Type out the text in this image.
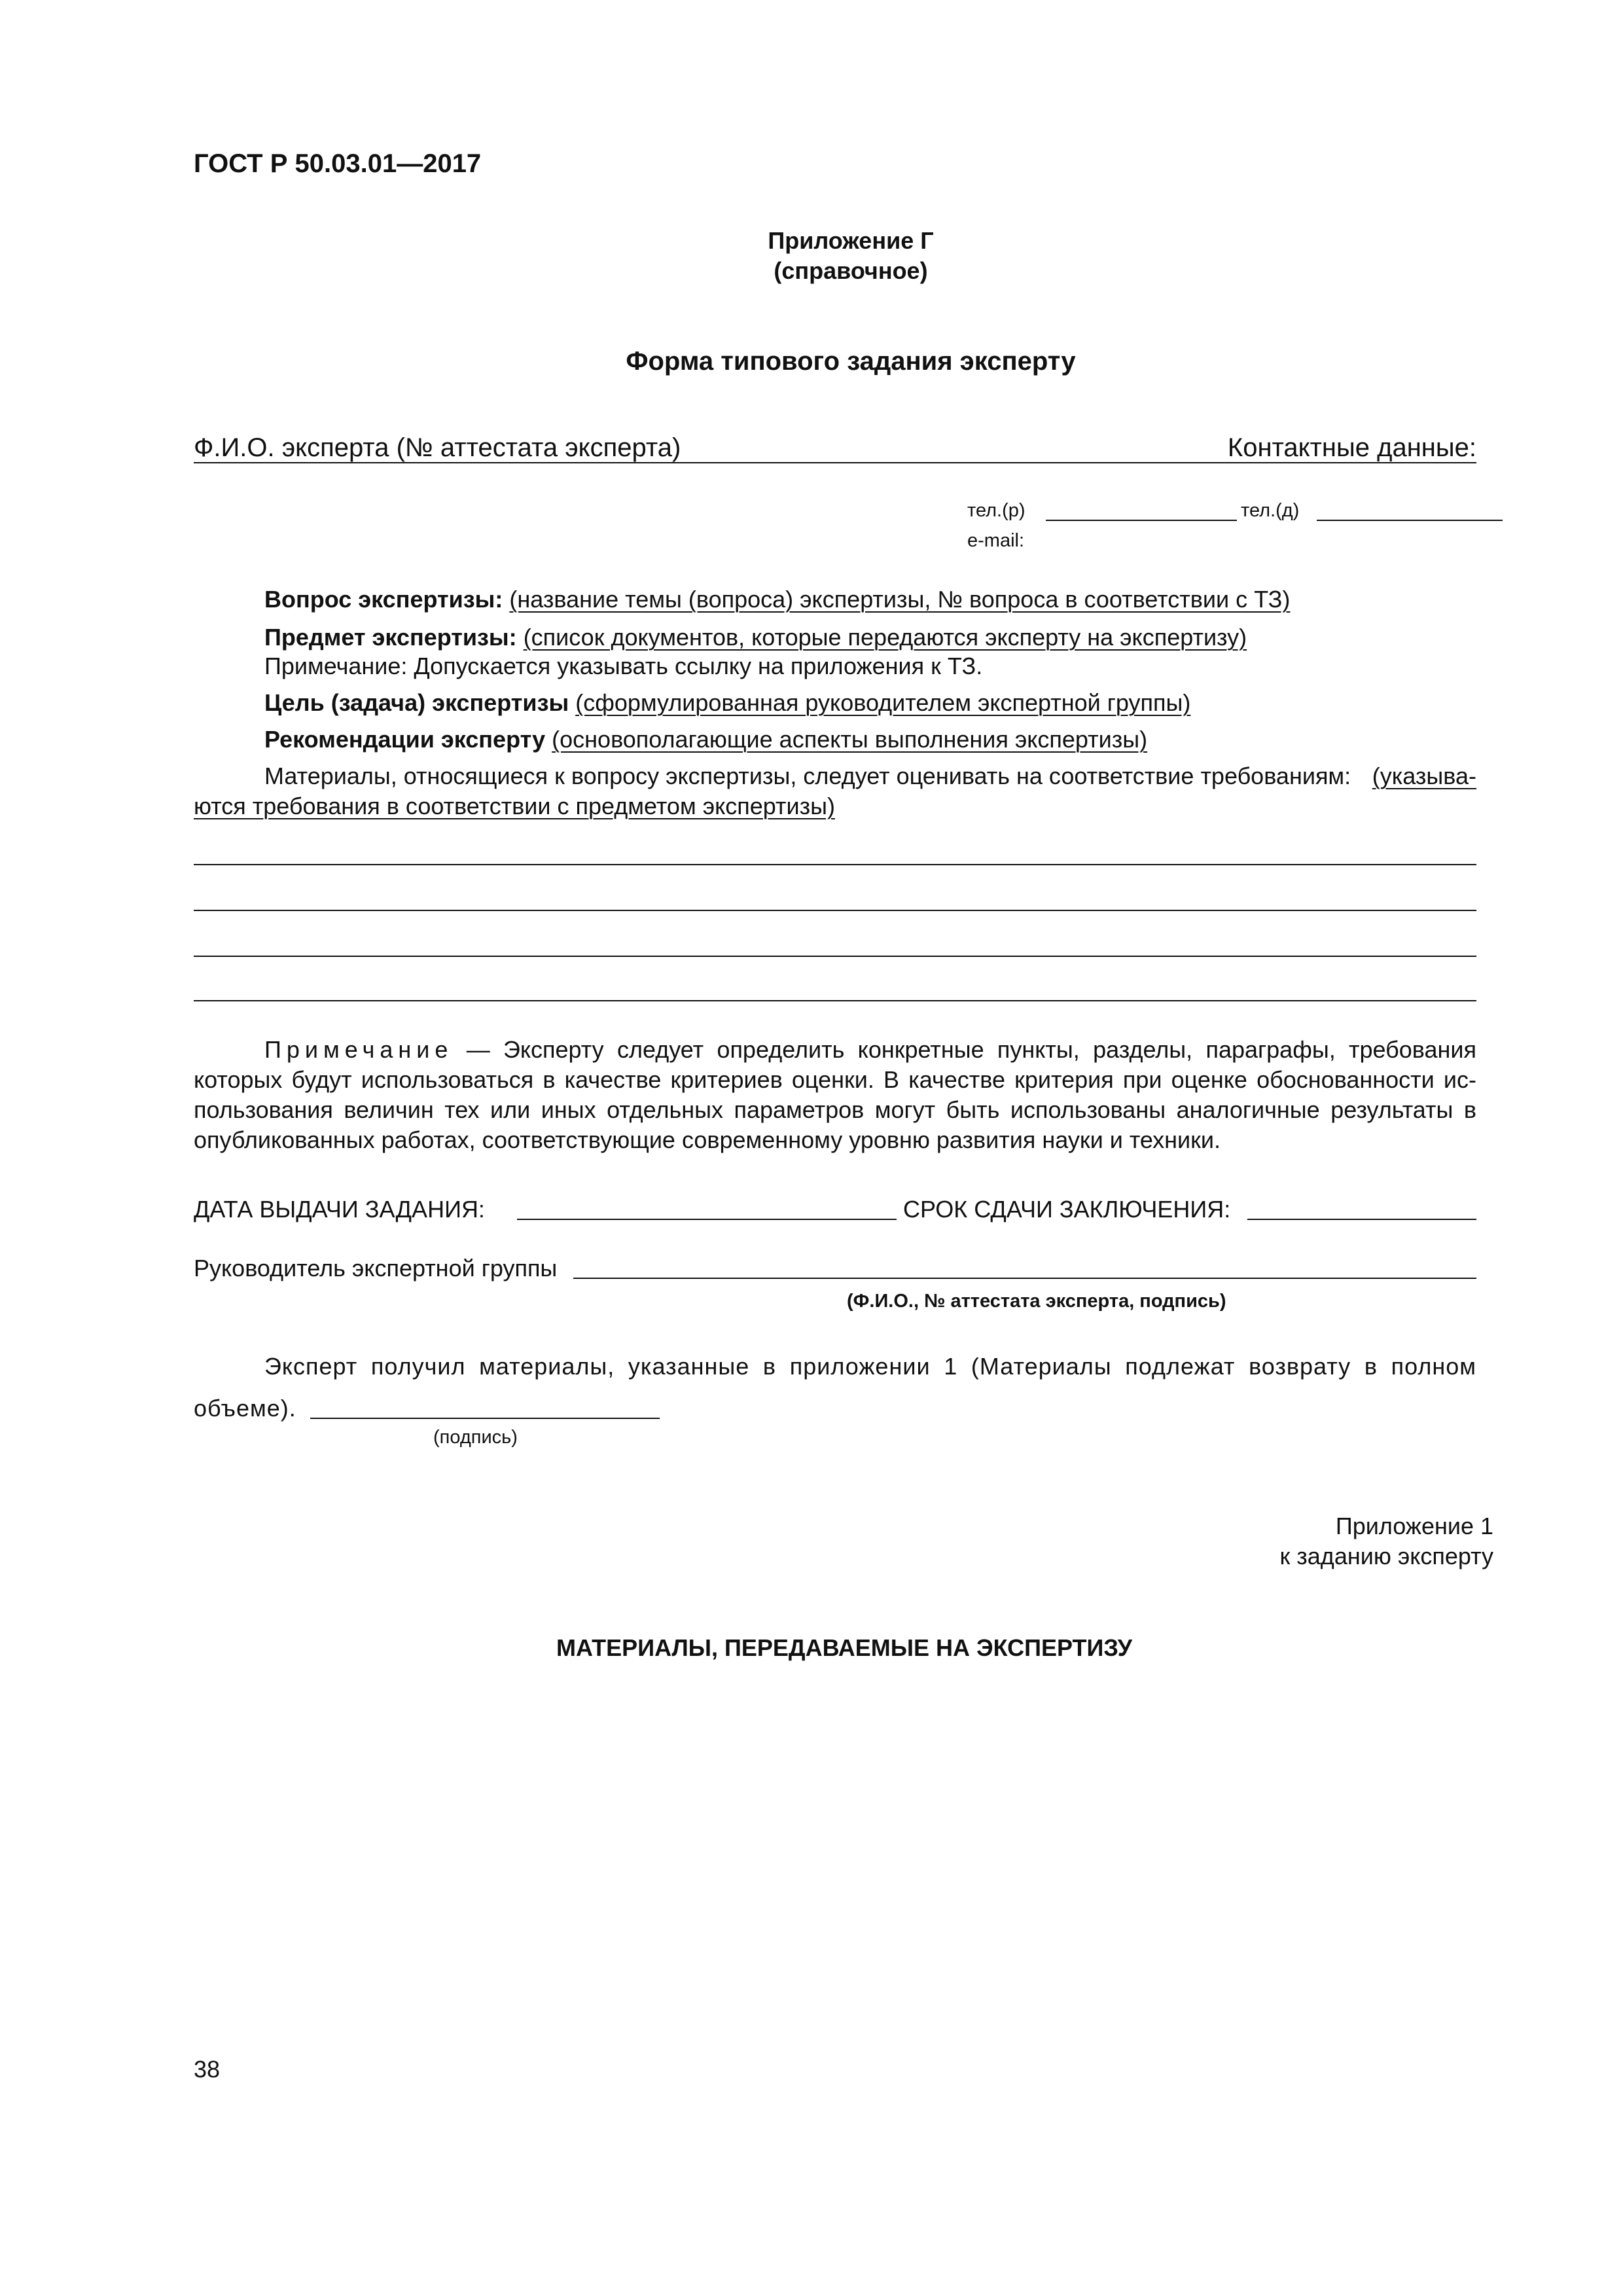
ГОСТ Р 50.03.01—2017
Приложение Г
(справочное)
Форма типового задания эксперту
Ф.И.О. эксперта (№ аттестата эксперта)	Контактные данные:
тел.(р)	тел.(д)
e-mail:
Вопрос экспертизы: (название темы (вопроса) экспертизы, № вопроса в соответствии с ТЗ)
Предмет экспертизы: (список документов, которые передаются эксперту на экспертизу)
Примечание: Допускается указывать ссылку на приложения к ТЗ.
Цель (задача) экспертизы (сформулированная руководителем экспертной группы)
Рекомендации эксперту (основополагающие аспекты выполнения экспертизы)
Материалы, относящиеся к вопросу экспертизы, следует оценивать на соответствие требованиям: (указыва-
ются требования в соответствии с предметом экспертизы)
Примечание — Эксперту следует определить конкретные пункты, разделы, параграфы, требования
которых будут использоваться в качестве критериев оценки. В качестве критерия при оценке обоснованности ис-
пользования величин тех или иных отдельных параметров могут быть использованы аналогичные результаты в
опубликованных работах, соответствующие современному уровню развития науки и техники.
ДАТА ВЫДАЧИ ЗАДАНИЯ:	СРОК СДАЧИ ЗАКЛЮЧЕНИЯ:
Руководитель экспертной группы
(Ф.И.О., № аттестата эксперта, подпись)
Эксперт получил материалы, указанные в приложении 1 (Материалы подлежат возврату в полном
объеме).
(подпись)
Приложение 1
к заданию эксперту
МАТЕРИАЛЫ, ПЕРЕДАВАЕМЫЕ НА ЭКСПЕРТИЗУ
38
